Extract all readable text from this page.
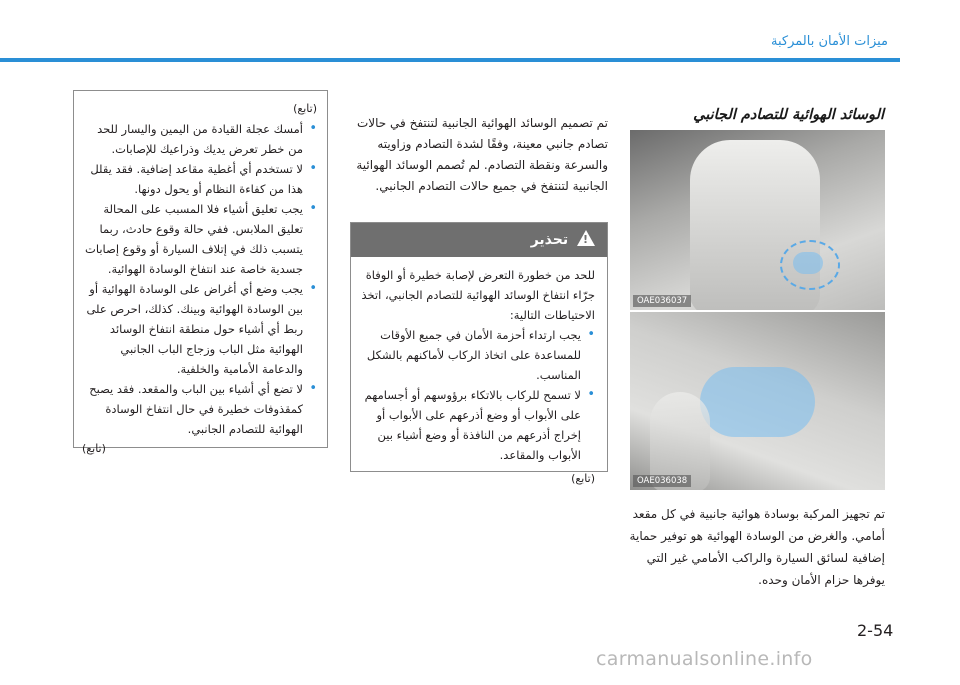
ميزات الأمان بالمركبة
الوسائد الهوائية للتصادم الجانبي
OAE036037
OAE036038
تم تجهيز المركبة بوسادة هوائية جانبية في كل مقعد أمامي. والغرض من الوسادة الهوائية هو توفير حماية إضافية لسائق السيارة والراكب الأمامي غير التي يوفرها حزام الأمان وحده.
تم تصميم الوسائد الهوائية الجانبية لتنتفخ في حالات تصادم جانبي معينة، وفقًا لشدة التصادم وزاويته والسرعة ونقطة التصادم. لم تُصمم الوسائد الهوائية الجانبية لتنتفخ في جميع حالات التصادم الجانبي.
! تحذير

للحد من خطورة التعرض لإصابة خطيرة أو الوفاة جرّاء انتفاخ الوسائد الهوائية للتصادم الجانبي، اتخذ الاحتياطات التالية:

• يجب ارتداء أحزمة الأمان في جميع الأوقات للمساعدة على اتخاذ الركاب لأماكنهم بالشكل المناسب.
• لا تسمح للركاب بالاتكاء برؤوسهم أو أجسامهم على الأبواب أو وضع أذرعهم على الأبواب أو إخراج أذرعهم من النافذة أو وضع أشياء بين الأبواب والمقاعد.
(تابع)
(تابع)
• أمسك عجلة القيادة من اليمين واليسار للحد من خطر تعرض يديك وذراعيك للإصابات.
• لا تستخدم أي أغطية مقاعد إضافية. فقد يقلل هذا من كفاءة النظام أو يحول دونها.
• يجب تعليق أشياء فلا المسبب على المحالة تعليق الملابس. ففي حالة وقوع حادث، ربما يتسبب ذلك في إتلاف السيارة أو وقوع إصابات جسدية خاصة عند انتفاخ الوسادة الهوائية.
• يجب وضع أي أغراض على الوسادة الهوائية أو بين الوسادة الهوائية وبينك. كذلك، احرص على ربط أي أشياء حول منطقة انتفاخ الوسائد الهوائية مثل الباب وزجاج الباب الجانبي والدعامة الأمامية والخلفية.
• لا تضع أي أشياء بين الباب والمقعد. فقد يصبح كمقذوفات خطيرة في حال انتفاخ الوسادة الهوائية للتصادم الجانبي.
(تابع)
2-54
carmanualsonline.info
